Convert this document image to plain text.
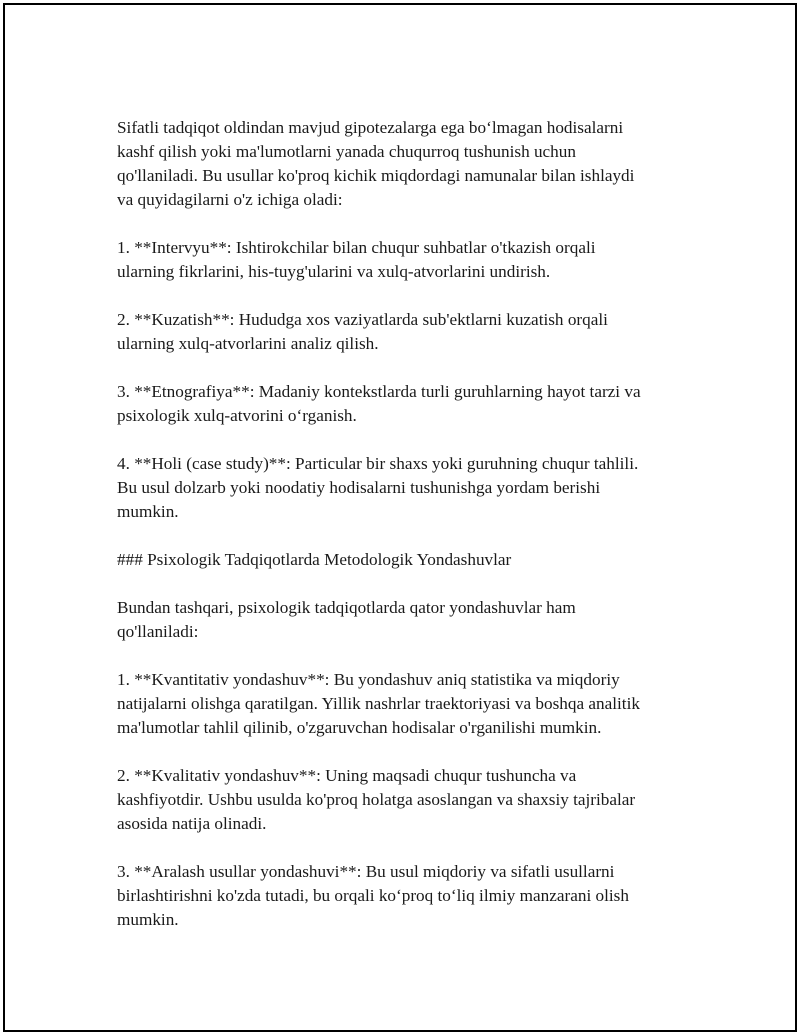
Sifatli tadqiqot oldindan mavjud gipotezalarga ega bo‘lmagan hodisalarni
kashf qilish yoki ma'lumotlarni yanada chuqurroq tushunish uchun
qo'llaniladi. Bu usullar ko'proq kichik miqdordagi namunalar bilan ishlaydi
va quyidagilarni o'z ichiga oladi:

1. **Intervyu**: Ishtirokchilar bilan chuqur suhbatlar o'tkazish orqali
ularning fikrlarini, his-tuyg'ularini va xulq-atvorlarini undirish.

2. **Kuzatish**: Hududga xos vaziyatlarda sub'ektlarni kuzatish orqali
ularning xulq-atvorlarini analiz qilish.

3. **Etnografiya**: Madaniy kontekstlarda turli guruhlarning hayot tarzi va
psixologik xulq-atvorini o‘rganish.

4. **Holi (case study)**: Particular bir shaxs yoki guruhning chuqur tahlili.
Bu usul dolzarb yoki noodatiy hodisalarni tushunishga yordam berishi
mumkin.

### Psixologik Tadqiqotlarda Metodologik Yondashuvlar

Bundan tashqari, psixologik tadqiqotlarda qator yondashuvlar ham
qo'llaniladi:

1. **Kvantitativ yondashuv**: Bu yondashuv aniq statistika va miqdoriy
natijalarni olishga qaratilgan. Yillik nashrlar traektoriyasi va boshqa analitik
ma'lumotlar tahlil qilinib, o'zgaruvchan hodisalar o'rganilishi mumkin.

2. **Kvalitativ yondashuv**: Uning maqsadi chuqur tushuncha va
kashfiyotdir. Ushbu usulda ko'proq holatga asoslangan va shaxsiy tajribalar
asosida natija olinadi.

3. **Aralash usullar yondashuvi**: Bu usul miqdoriy va sifatli usullarni
birlashtirishni ko'zda tutadi, bu orqali ko‘proq to‘liq ilmiy manzarani olish
mumkin.
